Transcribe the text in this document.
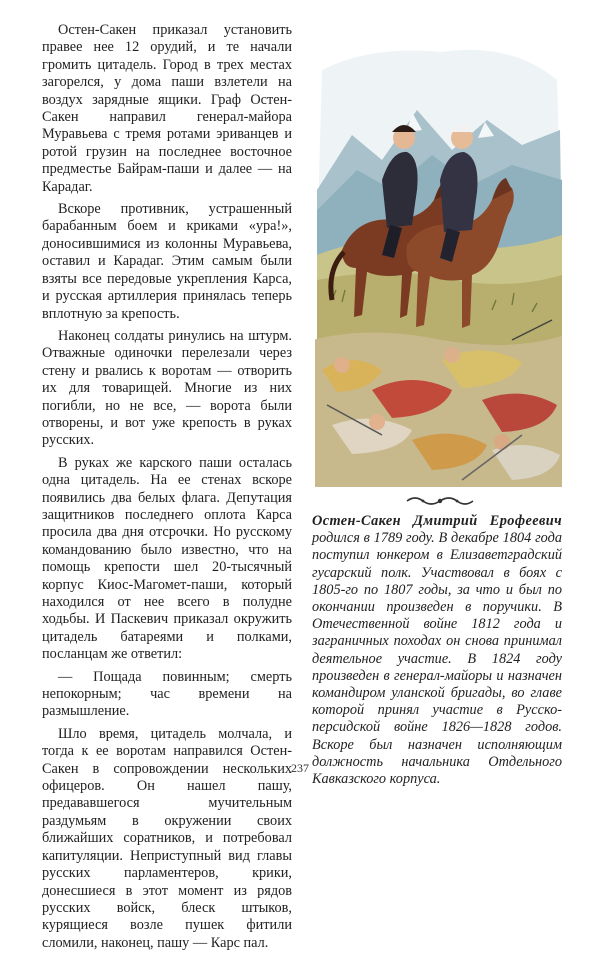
Остен-Сакен приказал установить правее нее 12 орудий, и те начали громить цитадель. Город в трех местах загорелся, у дома паши взлетели на воздух зарядные ящики. Граф Остен-Сакен направил генерал-майора Муравьева с тремя ротами эриванцев и ротой грузин на последнее восточное предместье Байрам-паши и далее — на Карадаг.

Вскоре противник, устрашенный барабанным боем и криками «ура!», доносившимися из колонны Муравьева, оставил и Карадаг. Этим самым были взяты все передовые укрепления Карса, и русская артиллерия принялась теперь вплотную за крепость.

Наконец солдаты ринулись на штурм. Отважные одиночки перелезали через стену и рвались к воротам — отворить их для товарищей. Многие из них погибли, но не все, — ворота были отворены, и вот уже крепость в руках русских.

В руках же карского паши осталась одна цитадель. На ее стенах вскоре появились два белых флага. Депутация защитников последнего оплота Карса просила два дня отсрочки. Но русскому командованию было известно, что на помощь крепости шел 20-тысячный корпус Киос-Магомет-паши, который находился от нее всего в полудне ходьбы. И Паскевич приказал окружить цитадель батареями и полками, посланцам же ответил:

— Пощада повинным; смерть непокорным; час времени на размышление.

Шло время, цитадель молчала, и тогда к ее воротам направился Остен-Сакен в сопровождении нескольких офицеров. Он нашел пашу, предававшегося мучительным раздумьям в окружении своих ближайших соратников, и потребовал капитуляции. Неприступный вид главы русских парламентеров, крики, донесшиеся в этот момент из рядов русских войск, блеск штыков, курящиеся возле пушек фитили сломили, наконец, пашу — Карс пал.

Остен-Сакен Дмитрий Ерофеевич родился в 1789 году. В декабре 1804 года поступил юнкером в Елизаветградский гусарский полк. Участвовал в боях с 1805-го по 1807 годы, за что и был по окончании произведен в поручики. В Отечественной войне 1812 года и заграничных походах он снова принимал деятельное участие. В 1824 году произведен в генерал-майоры и назначен командиром уланской бригады, во главе которой принял участие в Русско-персидской войне 1826—1828 годов. Вскоре был назначен исполняющим должность начальника Отдельного Кавказского корпуса.

237
